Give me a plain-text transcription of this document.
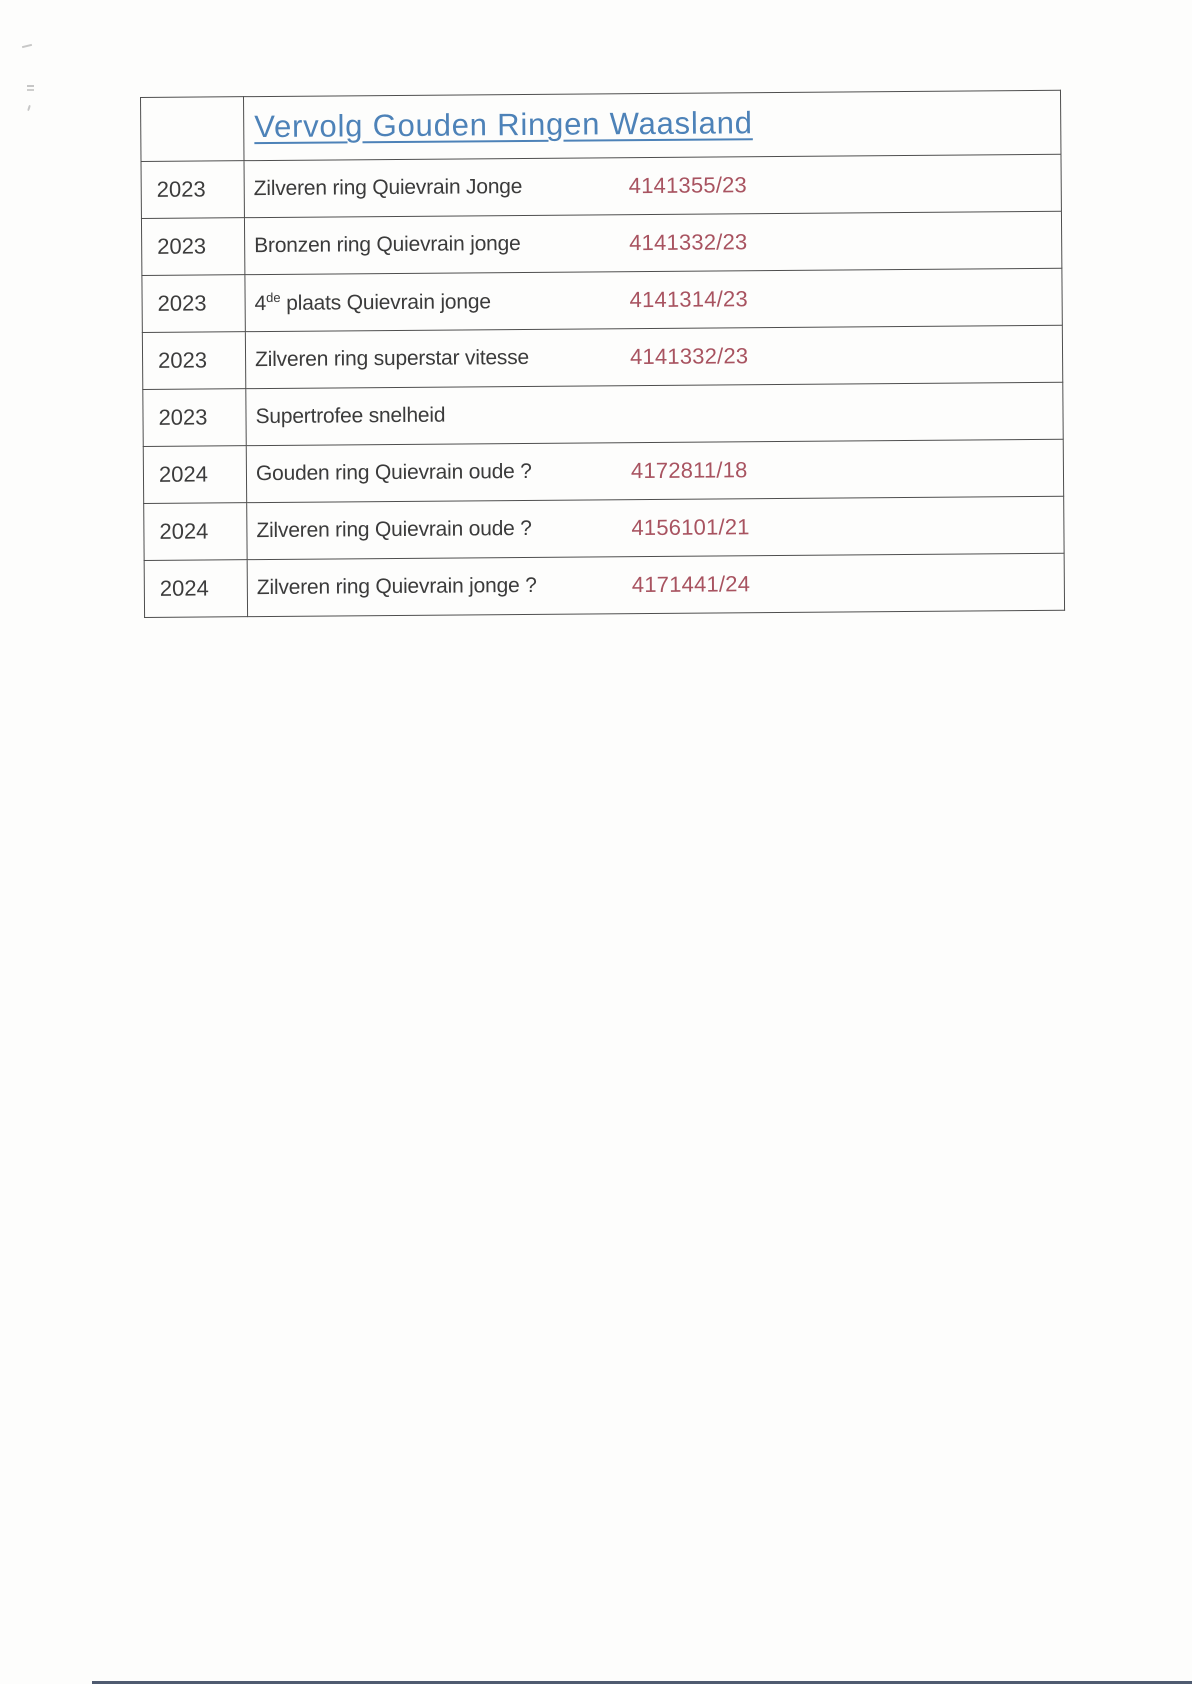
	Vervolg Gouden Ringen Waasland
2023	Zilveren ring Quievrain Jonge 4141355/23

2023	Bronzen ring Quievrain jonge 4141332/23

2023	4de plaats Quievrain jonge 4141314/23

2023	Zilveren ring superstar vitesse 4141332/23

2023	Supertrofee snelheid

2024	Gouden ring Quievrain oude ? 4172811/18

2024	Zilveren ring Quievrain oude ? 4156101/21

2024	Zilveren ring Quievrain jonge ? 4171441/24
